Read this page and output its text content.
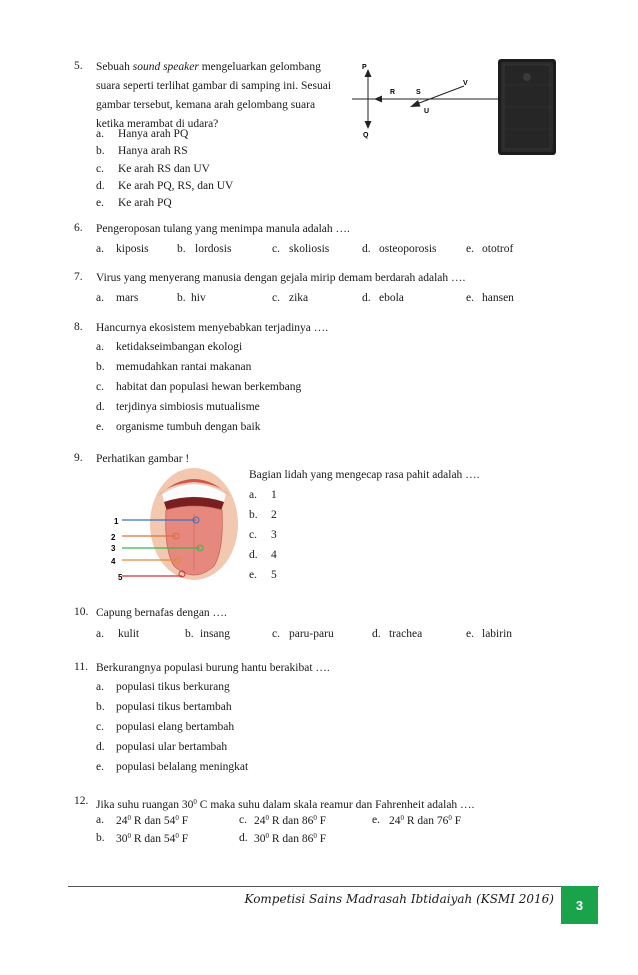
5. Sebuah sound speaker mengeluarkan gelombang
suara seperti terlihat gambar di samping ini. Sesuai
gambar tersebut, kemana arah gelombang suara
ketika merambat di udara?
a. Hanya arah PQ
b. Hanya arah RS
c. Ke arah RS dan UV
d. Ke arah PQ, RS, dan UV
e. Ke arah PQ
P
Q
R	S
U
V
6. Pengeroposan tulang yang menimpa manula adalah ….
a. kiposis b. lordosis	c. skoliosis	d. osteoporosis	e. ototrof
7. Virus yang menyerang manusia dengan gejala mirip demam berdarah adalah ….
a. mars	b. hiv	c. zika	d. ebola	e. hansen
8. Hancurnya ekosistem menyebabkan terjadinya ….
a. ketidakseimbangan ekologi
b. memudahkan rantai makanan
c. habitat dan populasi hewan berkembang
d. terjdinya simbiosis mutualisme
e. organisme tumbuh dengan baik
9. Perhatikan gambar !
1
2
3
4
5
Bagian lidah yang mengecap rasa pahit adalah ….
a. 1
b. 2
c. 3
d. 4
e. 5
10. Capung bernafas dengan ….
a. kulit	b. insang	c. paru-paru	d. trachea	e. labirin
11. Berkurangnya populasi burung hantu berakibat ….
a. populasi tikus berkurang
b. populasi tikus bertambah
c. populasi elang bertambah
d. populasi ular bertambah
e. populasi belalang meningkat
12. Jika suhu ruangan $30^0$ C maka suhu dalam skala reamur dan Fahrenheit adalah ….
a. $24^0$ R dan $54^0$ F	c. $24^0$ R dan $86^0$ F	e. $24^0$ R dan $76^0$ F
b. $30^0$ R dan $54^0$ F	d. $30^0$ R dan $86^0$ F
Kompetisi Sains Madrasah Ibtidaiyah (KSMI 2016)	3
